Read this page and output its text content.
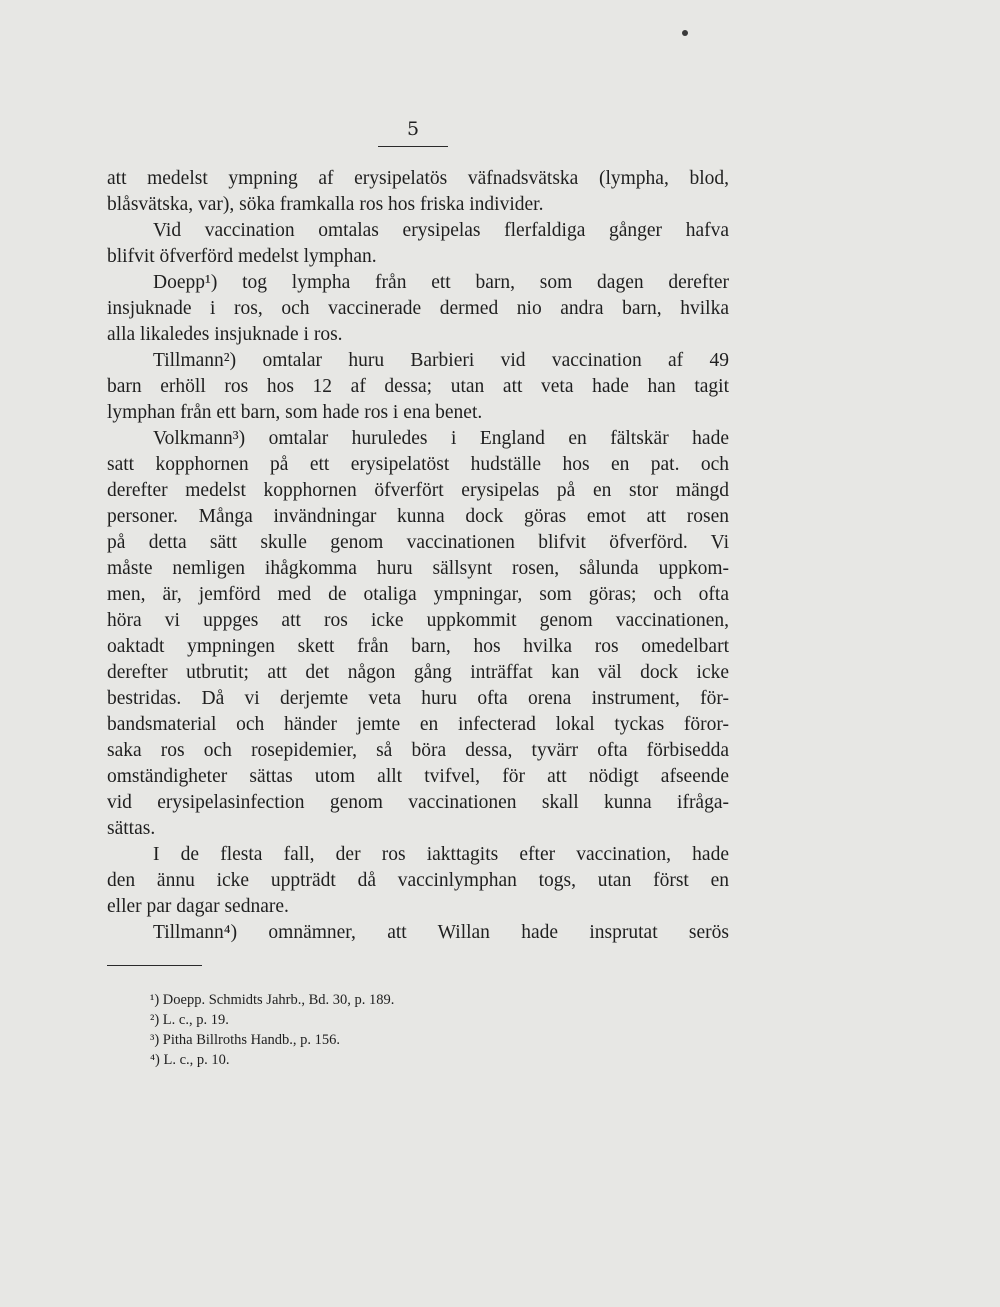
5
att medelst ympning af erysipelatös väfnadsvätska (lympha, blod,
blåsvätska, var), söka framkalla ros hos friska individer.
Vid vaccination omtalas erysipelas flerfaldiga gånger hafva
blifvit öfverförd medelst lymphan.
Doepp¹) tog lympha från ett barn, som dagen derefter
insjuknade i ros, och vaccinerade dermed nio andra barn, hvilka
alla likaledes insjuknade i ros.
Tillmann²) omtalar huru Barbieri vid vaccination af 49
barn erhöll ros hos 12 af dessa; utan att veta hade han tagit
lymphan från ett barn, som hade ros i ena benet.
Volkmann³) omtalar huruledes i England en fältskär hade
satt kopphornen på ett erysipelatöst hudställe hos en pat. och
derefter medelst kopphornen öfverfört erysipelas på en stor mängd
personer. Många invändningar kunna dock göras emot att rosen
på detta sätt skulle genom vaccinationen blifvit öfverförd. Vi
måste nemligen ihågkomma huru sällsynt rosen, sålunda uppkom-
men, är, jemförd med de otaliga ympningar, som göras; och ofta
höra vi uppges att ros icke uppkommit genom vaccinationen,
oaktadt ympningen skett från barn, hos hvilka ros omedelbart
derefter utbrutit; att det någon gång inträffat kan väl dock icke
bestridas. Då vi derjemte veta huru ofta orena instrument, för-
bandsmaterial och händer jemte en infecterad lokal tyckas föror-
saka ros och rosepidemier, så böra dessa, tyvärr ofta förbisedda
omständigheter sättas utom allt tvifvel, för att nödigt afseende
vid erysipelasinfection genom vaccinationen skall kunna ifråga-
sättas.
I de flesta fall, der ros iakttagits efter vaccination, hade
den ännu icke uppträdt då vaccinlymphan togs, utan först en
eller par dagar sednare.
Tillmann⁴) omnämner, att Willan hade insprutat serös
¹) Doepp. Schmidts Jahrb., Bd. 30, p. 189.
²) L. c., p. 19.
³) Pitha Billroths Handb., p. 156.
⁴) L. c., p. 10.
